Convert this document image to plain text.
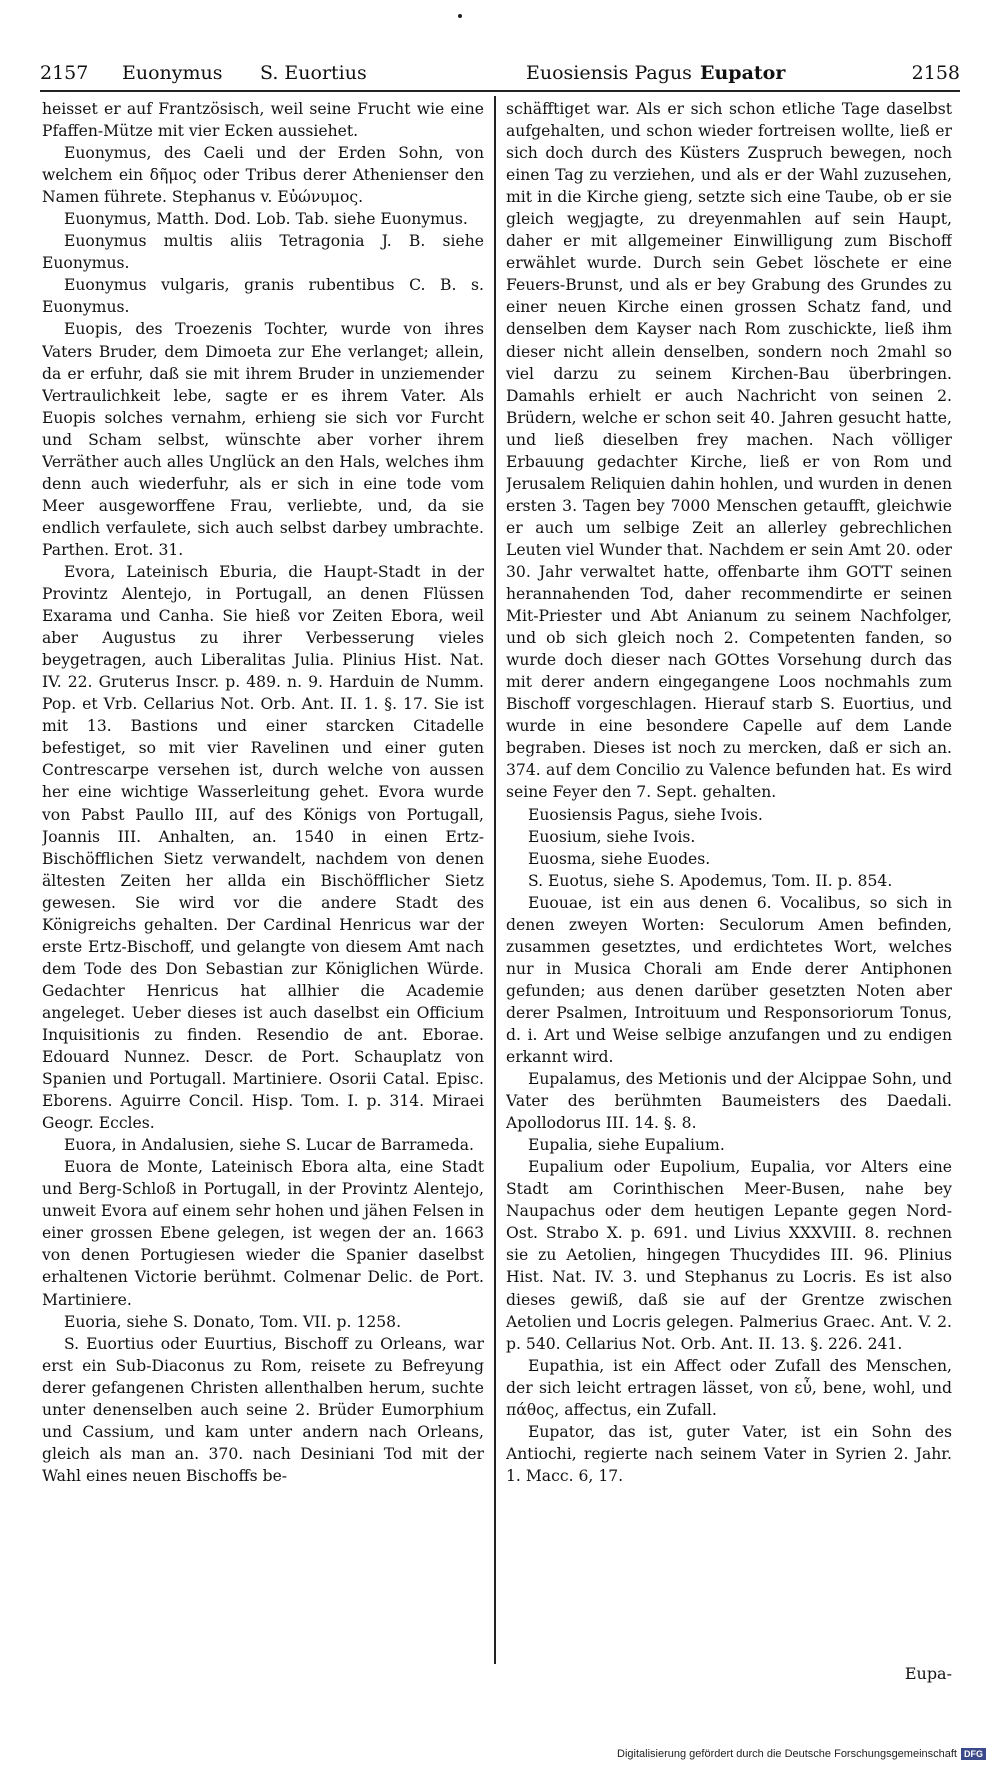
2157 Euonymus S. Euortius	Euosiensis Pagus Eupator	2158

heisset er auf Frantzösisch, weil seine Frucht wie eine Pfaffen-Mütze mit vier Ecken aussiehet.

Euonymus, des Caeli und der Erden Sohn, von welchem ein δῆμος oder Tribus derer Athenienser den Namen führete. Stephanus v. Εὐώνυμος.

Euonymus, Matth. Dod. Lob. Tab. siehe Euonymus.

Euonymus multis aliis Tetragonia J. B. siehe Euonymus.

Euonymus vulgaris, granis rubentibus C. B. s. Euonymus.

Euopis, des Troezenis Tochter, wurde von ihres Vaters Bruder, dem Dimoeta zur Ehe verlanget; allein, da er erfuhr, daß sie mit ihrem Bruder in unziemender Vertraulichkeit lebe, sagte er es ihrem Vater. Als Euopis solches vernahm, erhieng sie sich vor Furcht und Scham selbst, wünschte aber vorher ihrem Verräther auch alles Unglück an den Hals, welches ihm denn auch wiederfuhr, als er sich in eine tode vom Meer ausgeworffene Frau, verliebte, und, da sie endlich verfaulete, sich auch selbst darbey umbrachte. Parthen. Erot. 31.

Evora, Lateinisch Eburia, die Haupt-Stadt in der Provintz Alentejo, in Portugall, an denen Flüssen Exarama und Canha. Sie hieß vor Zeiten Ebora, weil aber Augustus zu ihrer Verbesserung vieles beygetragen, auch Liberalitas Julia. Plinius Hist. Nat. IV. 22. Gruterus Inscr. p. 489. n. 9. Harduin de Numm. Pop. et Vrb. Cellarius Not. Orb. Ant. II. 1. §. 17. Sie ist mit 13. Bastions und einer starcken Citadelle befestiget, so mit vier Ravelinen und einer guten Contrescarpe versehen ist, durch welche von aussen her eine wichtige Wasserleitung gehet. Evora wurde von Pabst Paullo III, auf des Königs von Portugall, Joannis III. Anhalten, an. 1540 in einen Ertz-Bischöfflichen Sietz verwandelt, nachdem von denen ältesten Zeiten her allda ein Bischöfflicher Sietz gewesen. Sie wird vor die andere Stadt des Königreichs gehalten. Der Cardinal Henricus war der erste Ertz-Bischoff, und gelangte von diesem Amt nach dem Tode des Don Sebastian zur Königlichen Würde. Gedachter Henricus hat allhier die Academie angeleget. Ueber dieses ist auch daselbst ein Officium Inquisitionis zu finden. Resendio de ant. Eborae. Edouard Nunnez. Descr. de Port. Schauplatz von Spanien und Portugall. Martiniere. Osorii Catal. Episc. Eborens. Aguirre Concil. Hisp. Tom. I. p. 314. Miraei Geogr. Eccles.

Euora, in Andalusien, siehe S. Lucar de Barrameda.

Euora de Monte, Lateinisch Ebora alta, eine Stadt und Berg-Schloß in Portugall, in der Provintz Alentejo, unweit Evora auf einem sehr hohen und jähen Felsen in einer grossen Ebene gelegen, ist wegen der an. 1663 von denen Portugiesen wieder die Spanier daselbst erhaltenen Victorie berühmt. Colmenar Delic. de Port. Martiniere.

Euoria, siehe S. Donato, Tom. VII. p. 1258.

S. Euortius oder Euurtius, Bischoff zu Orleans, war erst ein Sub-Diaconus zu Rom, reisete zu Befreyung derer gefangenen Christen allenthalben herum, suchte unter denenselben auch seine 2. Brüder Eumorphium und Cassium, und kam unter andern nach Orleans, gleich als man an. 370. nach Desiniani Tod mit der Wahl eines neuen Bischoffs be-

schäfftiget war. Als er sich schon etliche Tage daselbst aufgehalten, und schon wieder fortreisen wollte, ließ er sich doch durch des Küsters Zuspruch bewegen, noch einen Tag zu verziehen, und als er der Wahl zuzusehen, mit in die Kirche gieng, setzte sich eine Taube, ob er sie gleich wegjagte, zu dreyenmahlen auf sein Haupt, daher er mit allgemeiner Einwilligung zum Bischoff erwählet wurde. Durch sein Gebet löschete er eine Feuers-Brunst, und als er bey Grabung des Grundes zu einer neuen Kirche einen grossen Schatz fand, und denselben dem Kayser nach Rom zuschickte, ließ ihm dieser nicht allein denselben, sondern noch 2mahl so viel darzu zu seinem Kirchen-Bau überbringen. Damahls erhielt er auch Nachricht von seinen 2. Brüdern, welche er schon seit 40. Jahren gesucht hatte, und ließ dieselben frey machen. Nach völliger Erbauung gedachter Kirche, ließ er von Rom und Jerusalem Reliquien dahin hohlen, und wurden in denen ersten 3. Tagen bey 7000 Menschen getaufft, gleichwie er auch um selbige Zeit an allerley gebrechlichen Leuten viel Wunder that. Nachdem er sein Amt 20. oder 30. Jahr verwaltet hatte, offenbarte ihm GOTT seinen herannahenden Tod, daher recommendirte er seinen Mit-Priester und Abt Anianum zu seinem Nachfolger, und ob sich gleich noch 2. Competenten fanden, so wurde doch dieser nach GOttes Vorsehung durch das mit derer andern eingegangene Loos nochmahls zum Bischoff vorgeschlagen. Hierauf starb S. Euortius, und wurde in eine besondere Capelle auf dem Lande begraben. Dieses ist noch zu mercken, daß er sich an. 374. auf dem Concilio zu Valence befunden hat. Es wird seine Feyer den 7. Sept. gehalten.

Euosiensis Pagus, siehe Ivois.

Euosium, siehe Ivois.

Euosma, siehe Euodes.

S. Euotus, siehe S. Apodemus, Tom. II. p. 854.

Euouae, ist ein aus denen 6. Vocalibus, so sich in denen zweyen Worten: Seculorum Amen befinden, zusammen gesetztes, und erdichtetes Wort, welches nur in Musica Chorali am Ende derer Antiphonen gefunden; aus denen darüber gesetzten Noten aber derer Psalmen, Introituum und Responsoriorum Tonus, d. i. Art und Weise selbige anzufangen und zu endigen erkannt wird.

Eupalamus, des Metionis und der Alcippae Sohn, und Vater des berühmten Baumeisters des Daedali. Apollodorus III. 14. §. 8.

Eupalia, siehe Eupalium.

Eupalium oder Eupolium, Eupalia, vor Alters eine Stadt am Corinthischen Meer-Busen, nahe bey Naupachus oder dem heutigen Lepante gegen Nord-Ost. Strabo X. p. 691. und Livius XXXVIII. 8. rechnen sie zu Aetolien, hingegen Thucydides III. 96. Plinius Hist. Nat. IV. 3. und Stephanus zu Locris. Es ist also dieses gewiß, daß sie auf der Grentze zwischen Aetolien und Locris gelegen. Palmerius Graec. Ant. V. 2. p. 540. Cellarius Not. Orb. Ant. II. 13. §. 226. 241.

Eupathia, ist ein Affect oder Zufall des Menschen, der sich leicht ertragen lässet, von εὖ, bene, wohl, und πάθος, affectus, ein Zufall.

Eupator, das ist, guter Vater, ist ein Sohn des Antiochi, regierte nach seinem Vater in Syrien 2. Jahr. 1. Macc. 6, 17.

Eupa-
Digitalisierung gefördert durch die Deutsche Forschungsgemeinschaft DFG
